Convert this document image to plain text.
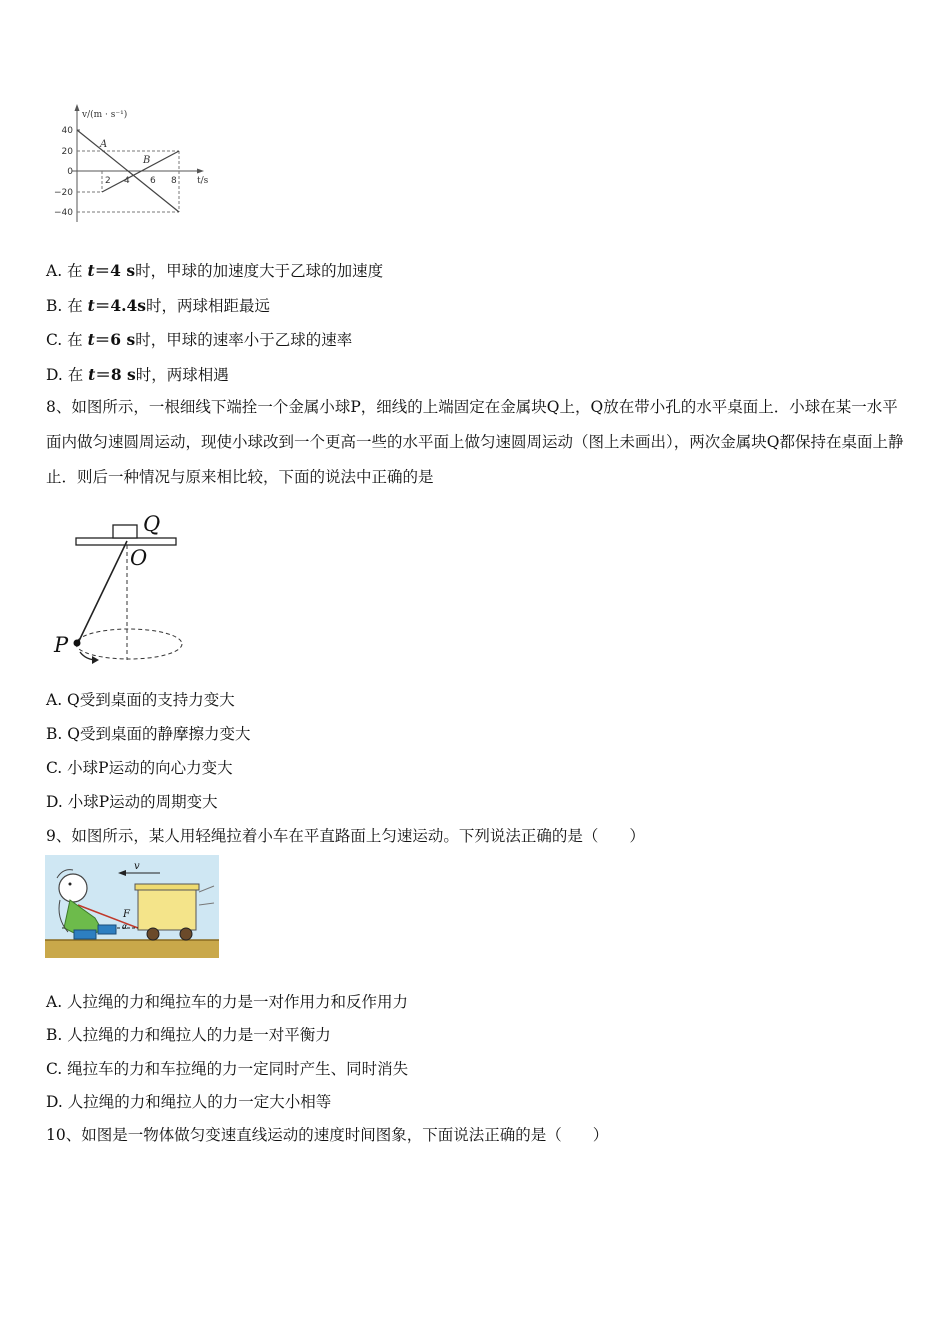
v/(m · s⁻¹)
t/s
40
20
0
−20
−40
2 4 6 8
A
B
A. 在 t＝4 s时，甲球的加速度大于乙球的加速度
B. 在 t＝4.4s时，两球相距最远
C. 在 t＝6 s时，甲球的速率小于乙球的速率
D. 在 t＝8 s时，两球相遇
8、如图所示，一根细线下端拴一个金属小球P，细线的上端固定在金属块Q上，Q放在带小孔的水平桌面上．小球在某一水平面内做匀速圆周运动，现使小球改到一个更高一些的水平面上做匀速圆周运动（图上未画出），两次金属块Q都保持在桌面上静止．则后一种情况与原来相比较，下面的说法中正确的是
Q
O
P
A. Q受到桌面的支持力变大
B. Q受到桌面的静摩擦力变大
C. 小球P运动的向心力变大
D. 小球P运动的周期变大
9、如图所示，某人用轻绳拉着小车在平直路面上匀速运动。下列说法正确的是（　　）
v
F
α
A. 人拉绳的力和绳拉车的力是一对作用力和反作用力
B. 人拉绳的力和绳拉人的力是一对平衡力
C. 绳拉车的力和车拉绳的力一定同时产生、同时消失
D. 人拉绳的力和绳拉人的力一定大小相等
10、如图是一物体做匀变速直线运动的速度时间图象，下面说法正确的是（　　）
